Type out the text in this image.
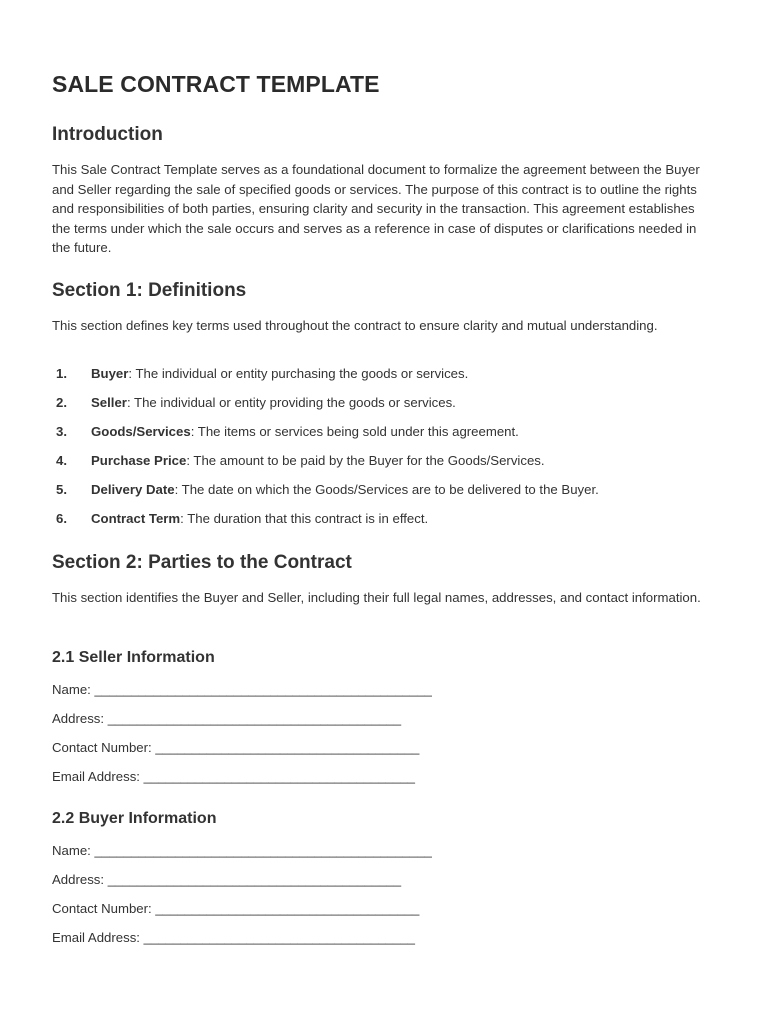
SALE CONTRACT TEMPLATE
Introduction

This Sale Contract Template serves as a foundational document to formalize the agreement between the Buyer and Seller regarding the sale of specified goods or services. The purpose of this contract is to outline the rights and responsibilities of both parties, ensuring clarity and security in the transaction. This agreement establishes the terms under which the sale occurs and serves as a reference in case of disputes or clarifications needed in the future.

Section 1: Definitions

This section defines key terms used throughout the contract to ensure clarity and mutual understanding.

1. Buyer: The individual or entity purchasing the goods or services.
2. Seller: The individual or entity providing the goods or services.
3. Goods/Services: The items or services being sold under this agreement.
4. Purchase Price: The amount to be paid by the Buyer for the Goods/Services.
5. Delivery Date: The date on which the Goods/Services are to be delivered to the Buyer.
6. Contract Term: The duration that this contract is in effect.
Section 2: Parties to the Contract

This section identifies the Buyer and Seller, including their full legal names, addresses, and contact information.

2.1 Seller Information
Name: ______________________________________________
Address: ________________________________________
Contact Number: ____________________________________
Email Address: _____________________________________
2.2 Buyer Information
Name: ______________________________________________
Address: ________________________________________
Contact Number: ____________________________________
Email Address: _____________________________________
